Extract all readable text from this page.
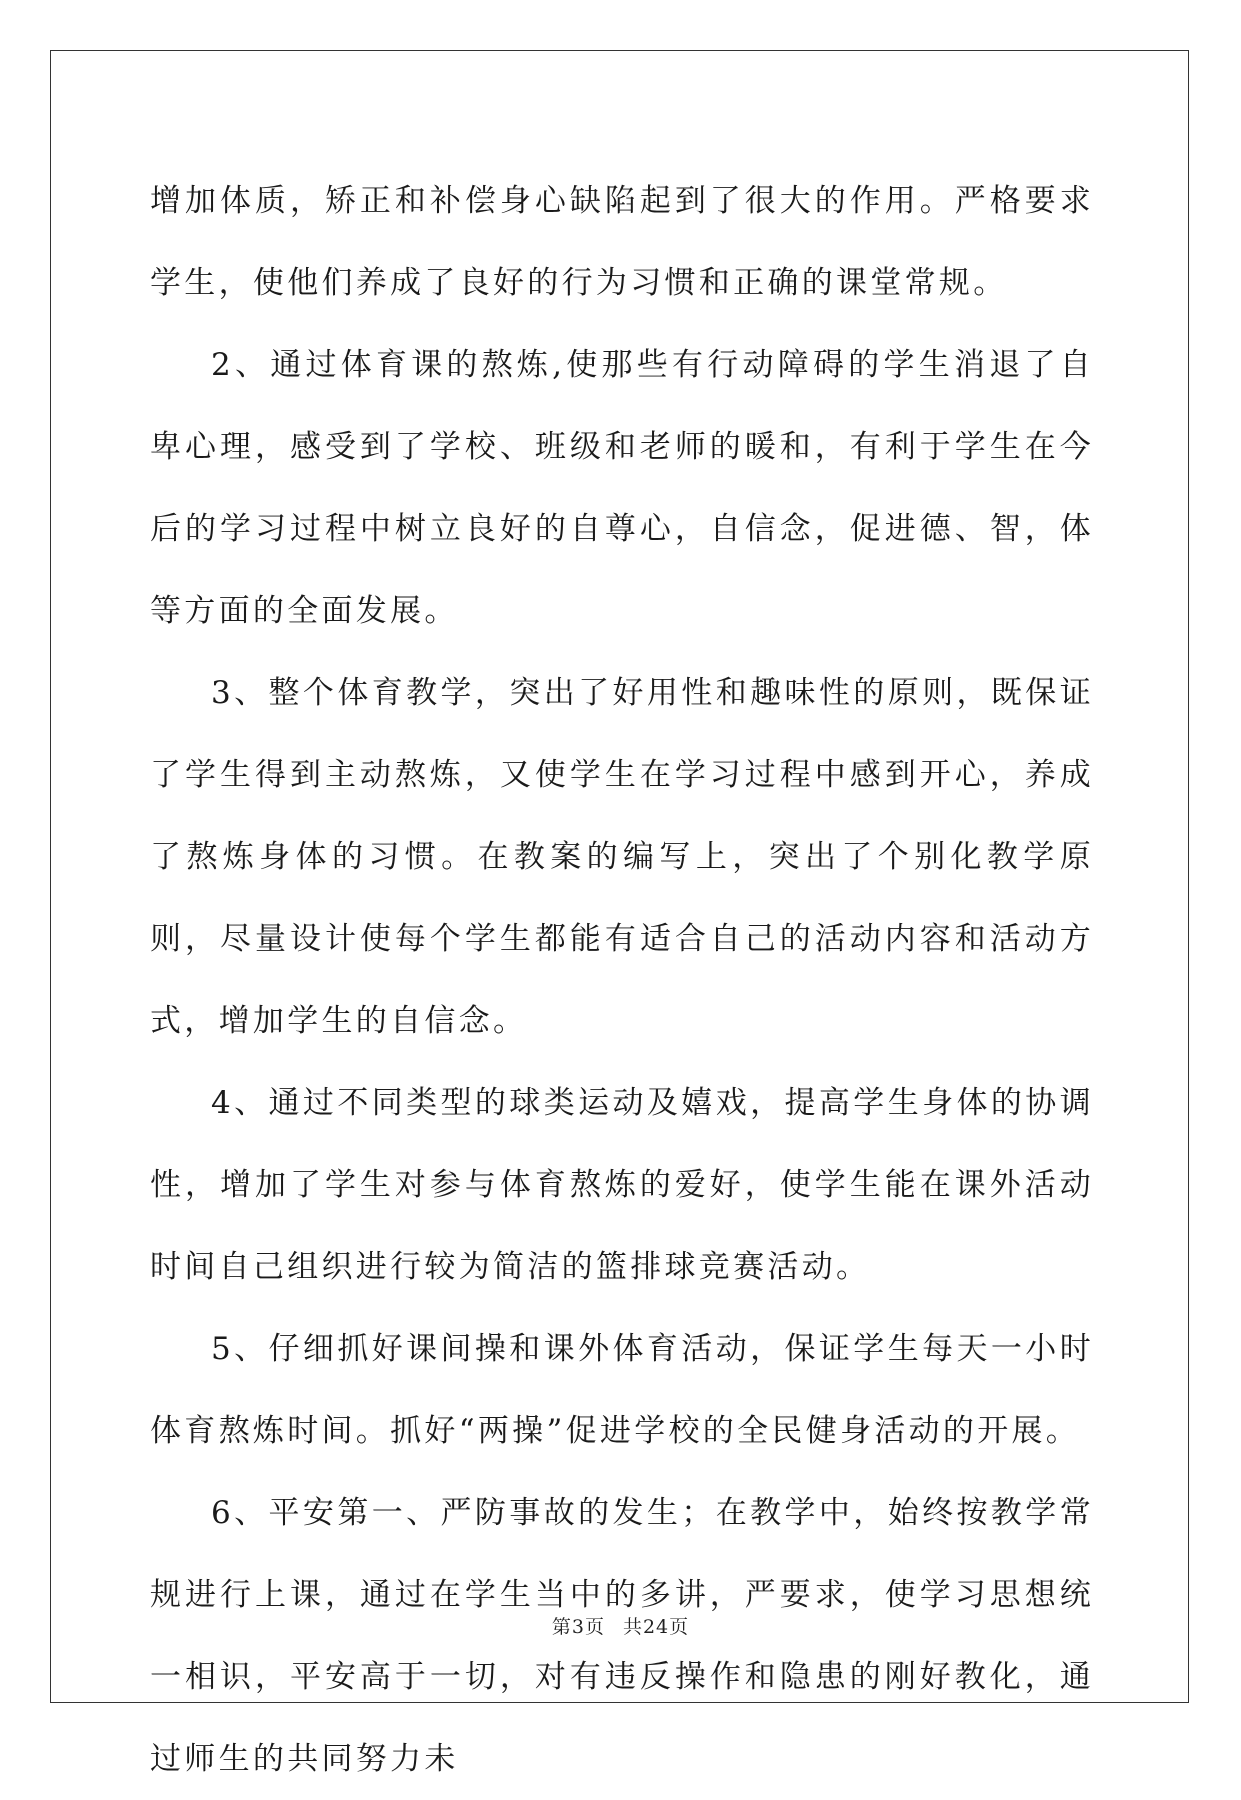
增加体质，矫正和补偿身心缺陷起到了很大的作用。严格要求学生，使他们养成了良好的行为习惯和正确的课堂常规。

2、通过体育课的熬炼,使那些有行动障碍的学生消退了自卑心理，感受到了学校、班级和老师的暖和，有利于学生在今后的学习过程中树立良好的自尊心，自信念，促进德、智，体等方面的全面发展。

3、整个体育教学，突出了好用性和趣味性的原则，既保证了学生得到主动熬炼，又使学生在学习过程中感到开心，养成了熬炼身体的习惯。在教案的编写上，突出了个别化教学原则，尽量设计使每个学生都能有适合自己的活动内容和活动方式，增加学生的自信念。

4、通过不同类型的球类运动及嬉戏，提高学生身体的协调性，增加了学生对参与体育熬炼的爱好，使学生能在课外活动时间自己组织进行较为简洁的篮排球竞赛活动。

5、仔细抓好课间操和课外体育活动，保证学生每天一小时体育熬炼时间。抓好“两操”促进学校的全民健身活动的开展。

6、平安第一、严防事故的发生；在教学中，始终按教学常规进行上课，通过在学生当中的多讲，严要求，使学习思想统一相识，平安高于一切，对有违反操作和隐患的刚好教化，通过师生的共同努力未

第3页 共24页
